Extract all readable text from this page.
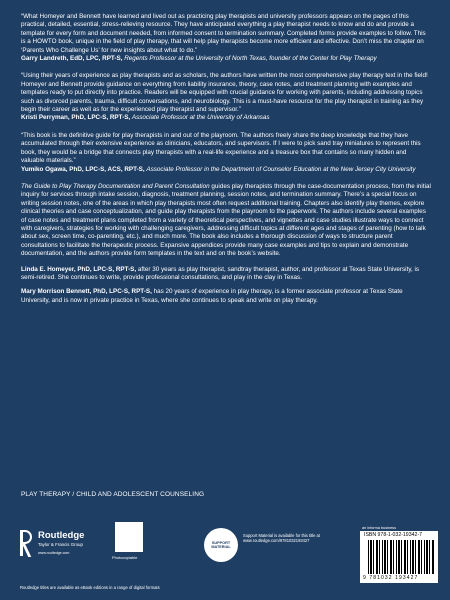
“What Homeyer and Bennett have learned and lived out as practicing play therapists and university professors appears on the pages of this practical, detailed, essential, stress-relieving resource. They have anticipated everything a play therapist needs to know and do and provide a template for every form and document needed, from informed consent to termination summary. Completed forms provide examples to follow. This is a HOWTO book, unique in the field of play therapy, that will help play therapists become more efficient and effective. Don’t miss the chapter on ‘Parents Who Challenge Us’ for new insights about what to do.”

Garry Landreth, EdD, LPC, RPT-S, Regents Professor at the University of North Texas, founder of the Center for Play Therapy

“Using their years of experience as play therapists and as scholars, the authors have written the most comprehensive play therapy text in the field! Homeyer and Bennett provide guidance on everything from liability insurance, theory, case notes, and treatment planning with examples and templates ready to put directly into practice. Readers will be equipped with crucial guidance for working with parents, including addressing topics such as divorced parents, trauma, difficult conversations, and neurobiology. This is a must-have resource for the play therapist in training as they begin their career as well as for the experienced play therapist and supervisor.”

Kristi Perryman, PhD, LPC-S, RPT-S, Associate Professor at the University of Arkansas

“This book is the definitive guide for play therapists in and out of the playroom. The authors freely share the deep knowledge that they have accumulated through their extensive experience as clinicians, educators, and supervisors. If I were to pick sand tray miniatures to represent this book, they would be a bridge that connects play therapists with a real-life experience and a treasure box that contains so many hidden and valuable materials.”

Yumiko Ogawa, PhD, LPC-S, ACS, RPT-S, Associate Professor in the Department of Counselor Education at the New Jersey City University

The Guide to Play Therapy Documentation and Parent Consultation guides play therapists through the case-documentation process, from the initial inquiry for services through intake session, diagnosis, treatment planning, session notes, and termination summary. There’s a special focus on writing session notes, one of the areas in which play therapists most often request additional training. Chapters also identify play themes, explore clinical theories and case conceptualization, and guide play therapists from the playroom to the paperwork. The authors include several examples of case notes and treatment plans completed from a variety of theoretical perspectives, and vignettes and case studies illustrate ways to connect with caregivers, strategies for working with challenging caregivers, addressing difficult topics at different ages and stages of parenting (how to talk about sex, screen time, co-parenting, etc.), and much more. The book also includes a thorough discussion of ways to structure parent consultations to facilitate the therapeutic process. Expansive appendices provide many case examples and tips to explain and demonstrate documentation, and the authors provide form templates in the text and on the book’s website.

Linda E. Homeyer, PhD, LPC-S, RPT-S, after 30 years as play therapist, sandtray therapist, author, and professor at Texas State University, is semi-retired. She continues to write, provide professional consultations, and play in the clay in Texas.

Mary Morrison Bennett, PhD, LPC-S, RPT-S, has 20 years of experience in play therapy, is a former associate professor at Texas State University, and is now in private practice in Texas, where she continues to speak and write on play therapy.

PLAY THERAPY / CHILD AND ADOLESCENT COUNSELING
Routledge
Taylor & Francis Group
www.routledge.com
Photocopiable
SUPPORT MATERIAL
Support Material is available for this title at www.routledge.com/9781032193427
an informa business
ISBN 978-1-032-19342-7
9 781032 193427
Routledge titles are available as eBook editions in a range of digital formats
